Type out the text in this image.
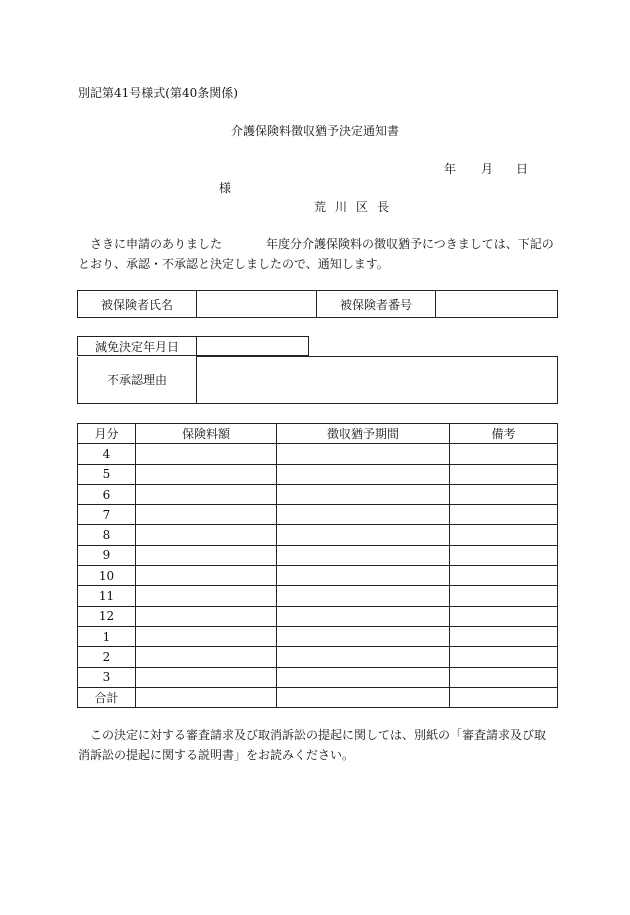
別記第41号様式(第40条関係)
介護保険料徴収猶予決定通知書
年 月 日
様
荒川区長
さきに申請のありました	年度分介護保険料の徴収猶予につきましては、下記のとおり、承認・不承認と決定しましたので、通知します。
被保険者氏名		被保険者番号	
減免決定年月日	
不承認理由	
月分	保険料額	徴収猶予期間	備考
4			
5			
6			
7			
8			
9			
10			
11			
12			
1			
2			
3			
合計			
この決定に対する審査請求及び取消訴訟の提起に関しては、別紙の「審査請求及び取消訴訟の提起に関する説明書」をお読みください。
